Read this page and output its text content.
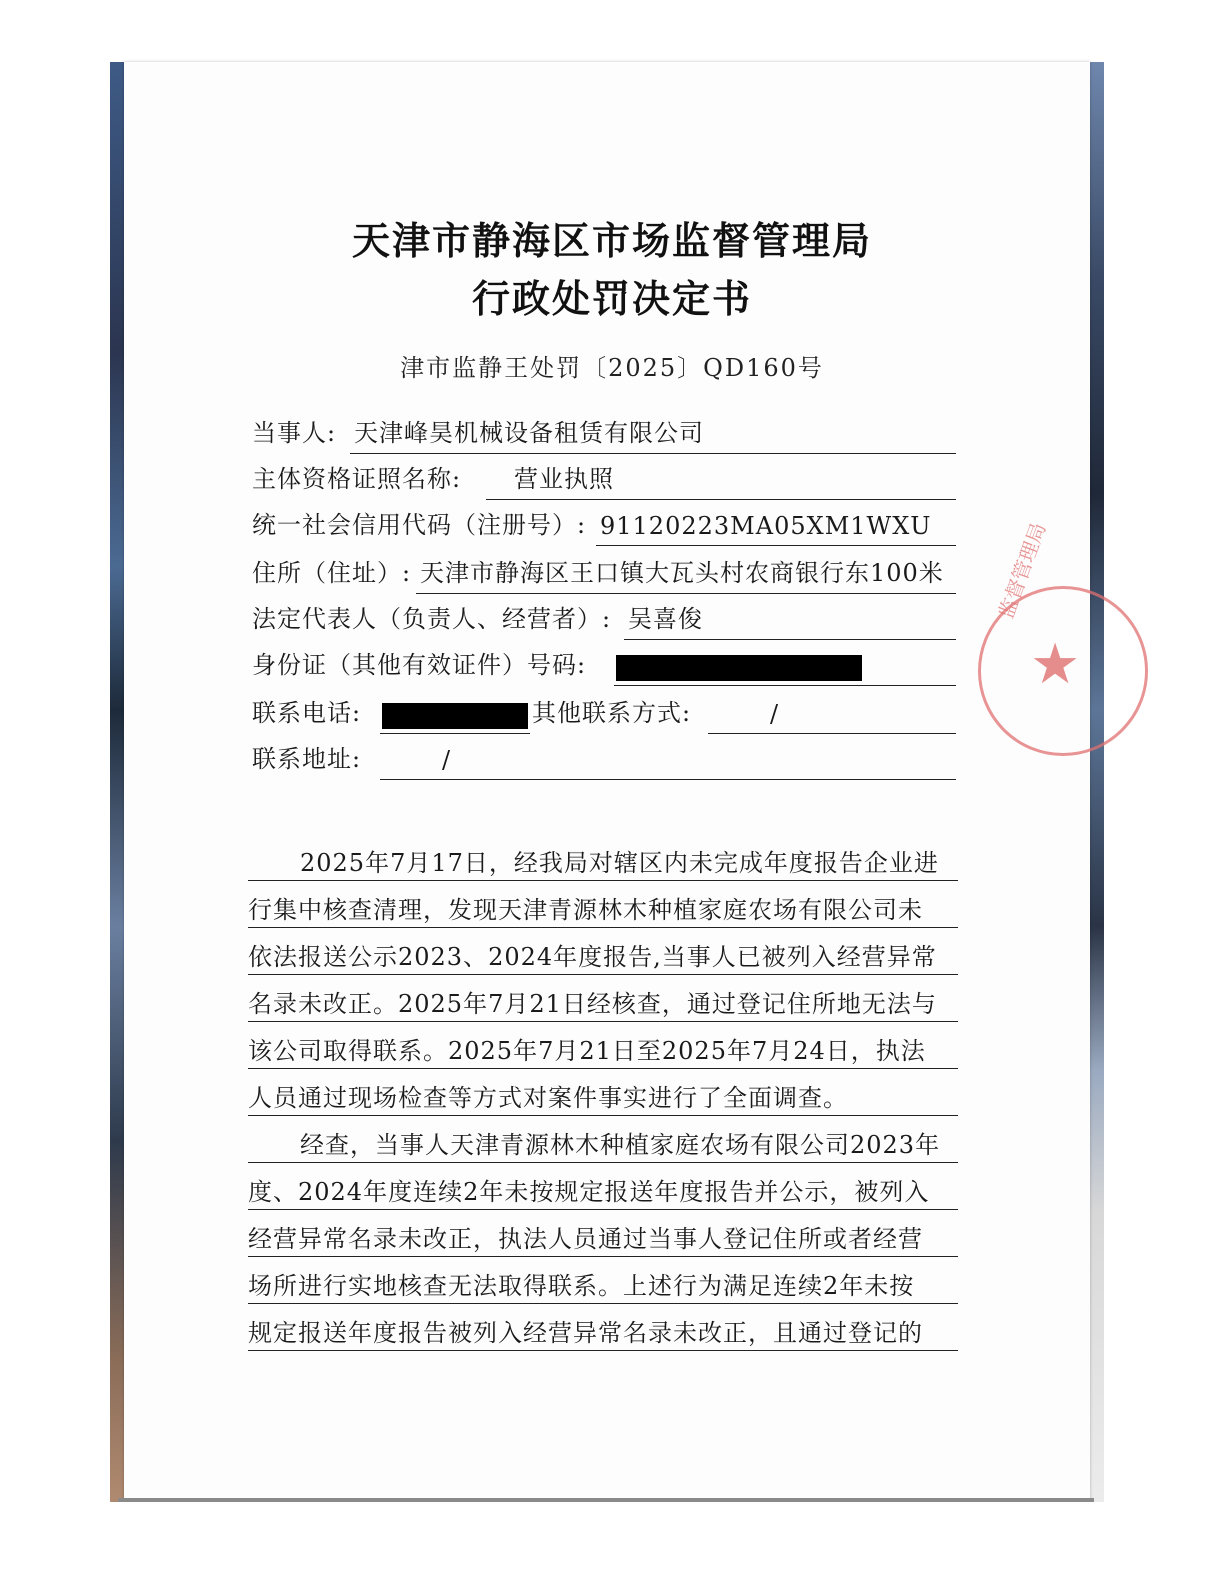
天津市静海区市场监督管理局
行政处罚决定书
津市监静王处罚〔2025〕QD160号
当事人: 天津峰昊机械设备租赁有限公司
主体资格证照名称: 营业执照
统一社会信用代码（注册号）: 91120223MA05XM1WXU
住所（住址）: 天津市静海区王口镇大瓦头村农商银行东100米
法定代表人（负责人、经营者）: 吴喜俊
身份证（其他有效证件）号码:
联系电话:	其他联系方式:	/
联系地址:	/
2025年7月17日，经我局对辖区内未完成年度报告企业进
行集中核查清理，发现天津青源林木种植家庭农场有限公司未
依法报送公示2023、2024年度报告,当事人已被列入经营异常
名录未改正。2025年7月21日经核查，通过登记住所地无法与
该公司取得联系。2025年7月21日至2025年7月24日，执法
人员通过现场检查等方式对案件事实进行了全面调查。
经查，当事人天津青源林木种植家庭农场有限公司2023年
度、2024年度连续2年未按规定报送年度报告并公示，被列入
经营异常名录未改正，执法人员通过当事人登记住所或者经营
场所进行实地核查无法取得联系。上述行为满足连续2年未按
规定报送年度报告被列入经营异常名录未改正，且通过登记的
★
监督管理局
